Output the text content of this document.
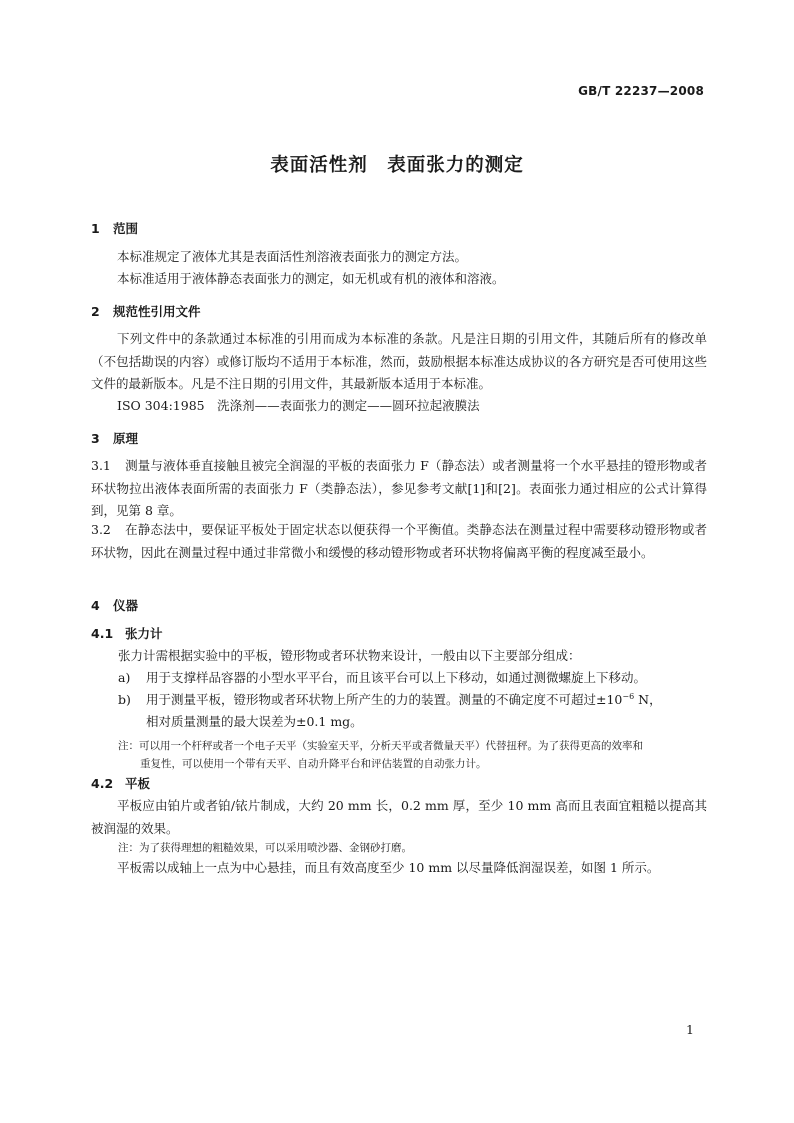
GB/T 22237—2008
表面活性剂　表面张力的测定
1 范围
本标准规定了液体尤其是表面活性剂溶液表面张力的测定方法。
本标准适用于液体静态表面张力的测定，如无机或有机的液体和溶液。
2 规范性引用文件
下列文件中的条款通过本标准的引用而成为本标准的条款。凡是注日期的引用文件，其随后所有的修改单（不包括勘误的内容）或修订版均不适用于本标准，然而，鼓励根据本标准达成协议的各方研究是否可使用这些文件的最新版本。凡是不注日期的引用文件，其最新版本适用于本标准。
ISO 304:1985　洗涤剂——表面张力的测定——圆环拉起液膜法
3 原理
3.1 测量与液体垂直接触且被完全润湿的平板的表面张力 F（静态法）或者测量将一个水平悬挂的镫形物或者环状物拉出液体表面所需的表面张力 F（类静态法），参见参考文献[1]和[2]。表面张力通过相应的公式计算得到，见第 8 章。
3.2 在静态法中，要保证平板处于固定状态以便获得一个平衡值。类静态法在测量过程中需要移动镫形物或者环状物，因此在测量过程中通过非常微小和缓慢的移动镫形物或者环状物将偏离平衡的程度减至最小。
4 仪器
4.1 张力计
张力计需根据实验中的平板，镫形物或者环状物来设计，一般由以下主要部分组成：
a) 用于支撑样品容器的小型水平平台，而且该平台可以上下移动，如通过测微螺旋上下移动。
b) 用于测量平板，镫形物或者环状物上所产生的力的装置。测量的不确定度不可超过$\pm 10^{-6}$ N，
相对质量测量的最大误差为±0.1 mg。
注：可以用一个杆秤或者一个电子天平（实验室天平，分析天平或者微量天平）代替扭秤。为了获得更高的效率和
重复性，可以使用一个带有天平、自动升降平台和评估装置的自动张力计。
4.2 平板
平板应由铂片或者铂/铱片制成，大约 20 mm 长，0.2 mm 厚，至少 10 mm 高而且表面宜粗糙以提高其被润湿的效果。
注：为了获得理想的粗糙效果，可以采用喷沙器、金钢砂打磨。
平板需以成轴上一点为中心悬挂，而且有效高度至少 10 mm 以尽量降低润湿误差，如图 1 所示。
1
